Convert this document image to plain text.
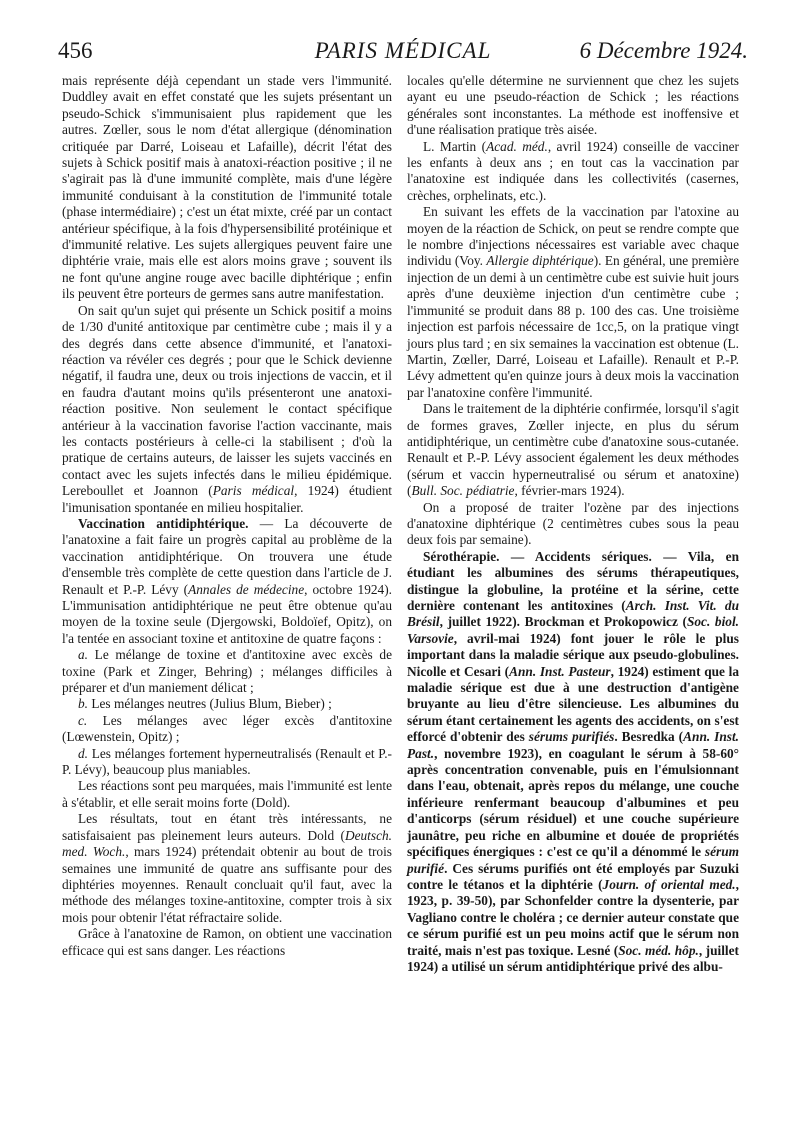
456	PARIS MÉDICAL	6 Décembre 1924.

mais représente déjà cependant un stade vers l'immunité. Duddley avait en effet constaté que les sujets présentant un pseudo-Schick s'immunisaient plus rapidement que les autres. Zœller, sous le nom d'état allergique (dénomination critiquée par Darré, Loiseau et Lafaille), décrit l'état des sujets à Schick positif mais à anatoxi-réaction positive ; il ne s'agirait pas là d'une immunité complète, mais d'une légère immunité conduisant à la constitution de l'immunité totale (phase intermédiaire) ; c'est un état mixte, créé par un contact antérieur spécifique, à la fois d'hypersensibilité protéinique et d'immunité relative. Les sujets allergiques peuvent faire une diphtérie vraie, mais elle est alors moins grave ; souvent ils ne font qu'une angine rouge avec bacille diphtérique ; enfin ils peuvent être porteurs de germes sans autre manifestation.

On sait qu'un sujet qui présente un Schick positif a moins de 1/30 d'unité antitoxique par centimètre cube ; mais il y a des degrés dans cette absence d'immunité, et l'anatoxi-réaction va révéler ces degrés ; pour que le Schick devienne négatif, il faudra une, deux ou trois injections de vaccin, et il en faudra d'autant moins qu'ils présenteront une anatoxi-réaction positive. Non seulement le contact spécifique antérieur à la vaccination favorise l'action vaccinante, mais les contacts postérieurs à celle-ci la stabilisent ; d'où la pratique de certains auteurs, de laisser les sujets vaccinés en contact avec les sujets infectés dans le milieu épidémique. Lereboullet et Joannon (Paris médical, 1924) étudient l'imunisation spontanée en milieu hospitalier.

Vaccination antidiphtérique. — La découverte de l'anatoxine a fait faire un progrès capital au problème de la vaccination antidiphtérique. On trouvera une étude d'ensemble très complète de cette question dans l'article de J. Renault et P.-P. Lévy (Annales de médecine, octobre 1924). L'immunisation antidiphtérique ne peut être obtenue qu'au moyen de la toxine seule (Djergowski, Boldoïef, Opitz), on l'a tentée en associant toxine et antitoxine de quatre façons :

a. Le mélange de toxine et d'antitoxine avec excès de toxine (Park et Zinger, Behring) ; mélanges difficiles à préparer et d'un maniement délicat ;

b. Les mélanges neutres (Julius Blum, Bieber) ;

c. Les mélanges avec léger excès d'antitoxine (Lœwenstein, Opitz) ;

d. Les mélanges fortement hyperneutralisés (Renault et P.-P. Lévy), beaucoup plus maniables.

Les réactions sont peu marquées, mais l'immunité est lente à s'établir, et elle serait moins forte (Dold).

Les résultats, tout en étant très intéressants, ne satisfaisaient pas pleinement leurs auteurs. Dold (Deutsch. med. Woch., mars 1924) prétendait obtenir au bout de trois semaines une immunité de quatre ans suffisante pour des diphtéries moyennes. Renault concluait qu'il faut, avec la méthode des mélanges toxine-antitoxine, compter trois à six mois pour obtenir l'état réfractaire solide.

Grâce à l'anatoxine de Ramon, on obtient une vaccination efficace qui est sans danger. Les réactions

locales qu'elle détermine ne surviennent que chez les sujets ayant eu une pseudo-réaction de Schick ; les réactions générales sont inconstantes. La méthode est inoffensive et d'une réalisation pratique très aisée.

L. Martin (Acad. méd., avril 1924) conseille de vacciner les enfants à deux ans ; en tout cas la vaccination par l'anatoxine est indiquée dans les collectivités (casernes, crèches, orphelinats, etc.).

En suivant les effets de la vaccination par l'atoxine au moyen de la réaction de Schick, on peut se rendre compte que le nombre d'injections nécessaires est variable avec chaque individu (Voy. Allergie diphtérique). En général, une première injection de un demi à un centimètre cube est suivie huit jours après d'une deuxième injection d'un centimètre cube ; l'immunité se produit dans 88 p. 100 des cas. Une troisième injection est parfois nécessaire de 1cc,5, on la pratique vingt jours plus tard ; en six semaines la vaccination est obtenue (L. Martin, Zœller, Darré, Loiseau et Lafaille). Renault et P.-P. Lévy admettent qu'en quinze jours à deux mois la vaccination par l'anatoxine confère l'immunité.

Dans le traitement de la diphtérie confirmée, lorsqu'il s'agit de formes graves, Zœller injecte, en plus du sérum antidiphtérique, un centimètre cube d'anatoxine sous-cutanée. Renault et P.-P. Lévy associent également les deux méthodes (sérum et vaccin hyperneutralisé ou sérum et anatoxine) (Bull. Soc. pédiatrie, février-mars 1924).

On a proposé de traiter l'ozène par des injections d'anatoxine diphtérique (2 centimètres cubes sous la peau deux fois par semaine).

Sérothérapie. — Accidents sériques. — Vila, en étudiant les albumines des sérums thérapeutiques, distingue la globuline, la protéine et la sérine, cette dernière contenant les antitoxines (Arch. Inst. Vit. du Brésil, juillet 1922). Brockman et Prokopowicz (Soc. biol. Varsovie, avril-mai 1924) font jouer le rôle le plus important dans la maladie sérique aux pseudo-globulines. Nicolle et Cesari (Ann. Inst. Pasteur, 1924) estiment que la maladie sérique est due à une destruction d'antigène bruyante au lieu d'être silencieuse. Les albumines du sérum étant certainement les agents des accidents, on s'est efforcé d'obtenir des sérums purifiés. Besredka (Ann. Inst. Past., novembre 1923), en coagulant le sérum à 58-60° après concentration convenable, puis en l'émulsionnant dans l'eau, obtenait, après repos du mélange, une couche inférieure renfermant beaucoup d'albumines et peu d'anticorps (sérum résiduel) et une couche supérieure jaunâtre, peu riche en albumine et douée de propriétés spécifiques énergiques : c'est ce qu'il a dénommé le sérum purifié. Ces sérums purifiés ont été employés par Suzuki contre le tétanos et la diphtérie (Journ. of oriental med., 1923, p. 39-50), par Schonfelder contre la dysenterie, par Vagliano contre le choléra ; ce dernier auteur constate que ce sérum purifié est un peu moins actif que le sérum non traité, mais n'est pas toxique. Lesné (Soc. méd. hôp., juillet 1924) a utilisé un sérum antidiphtérique privé des albu-
